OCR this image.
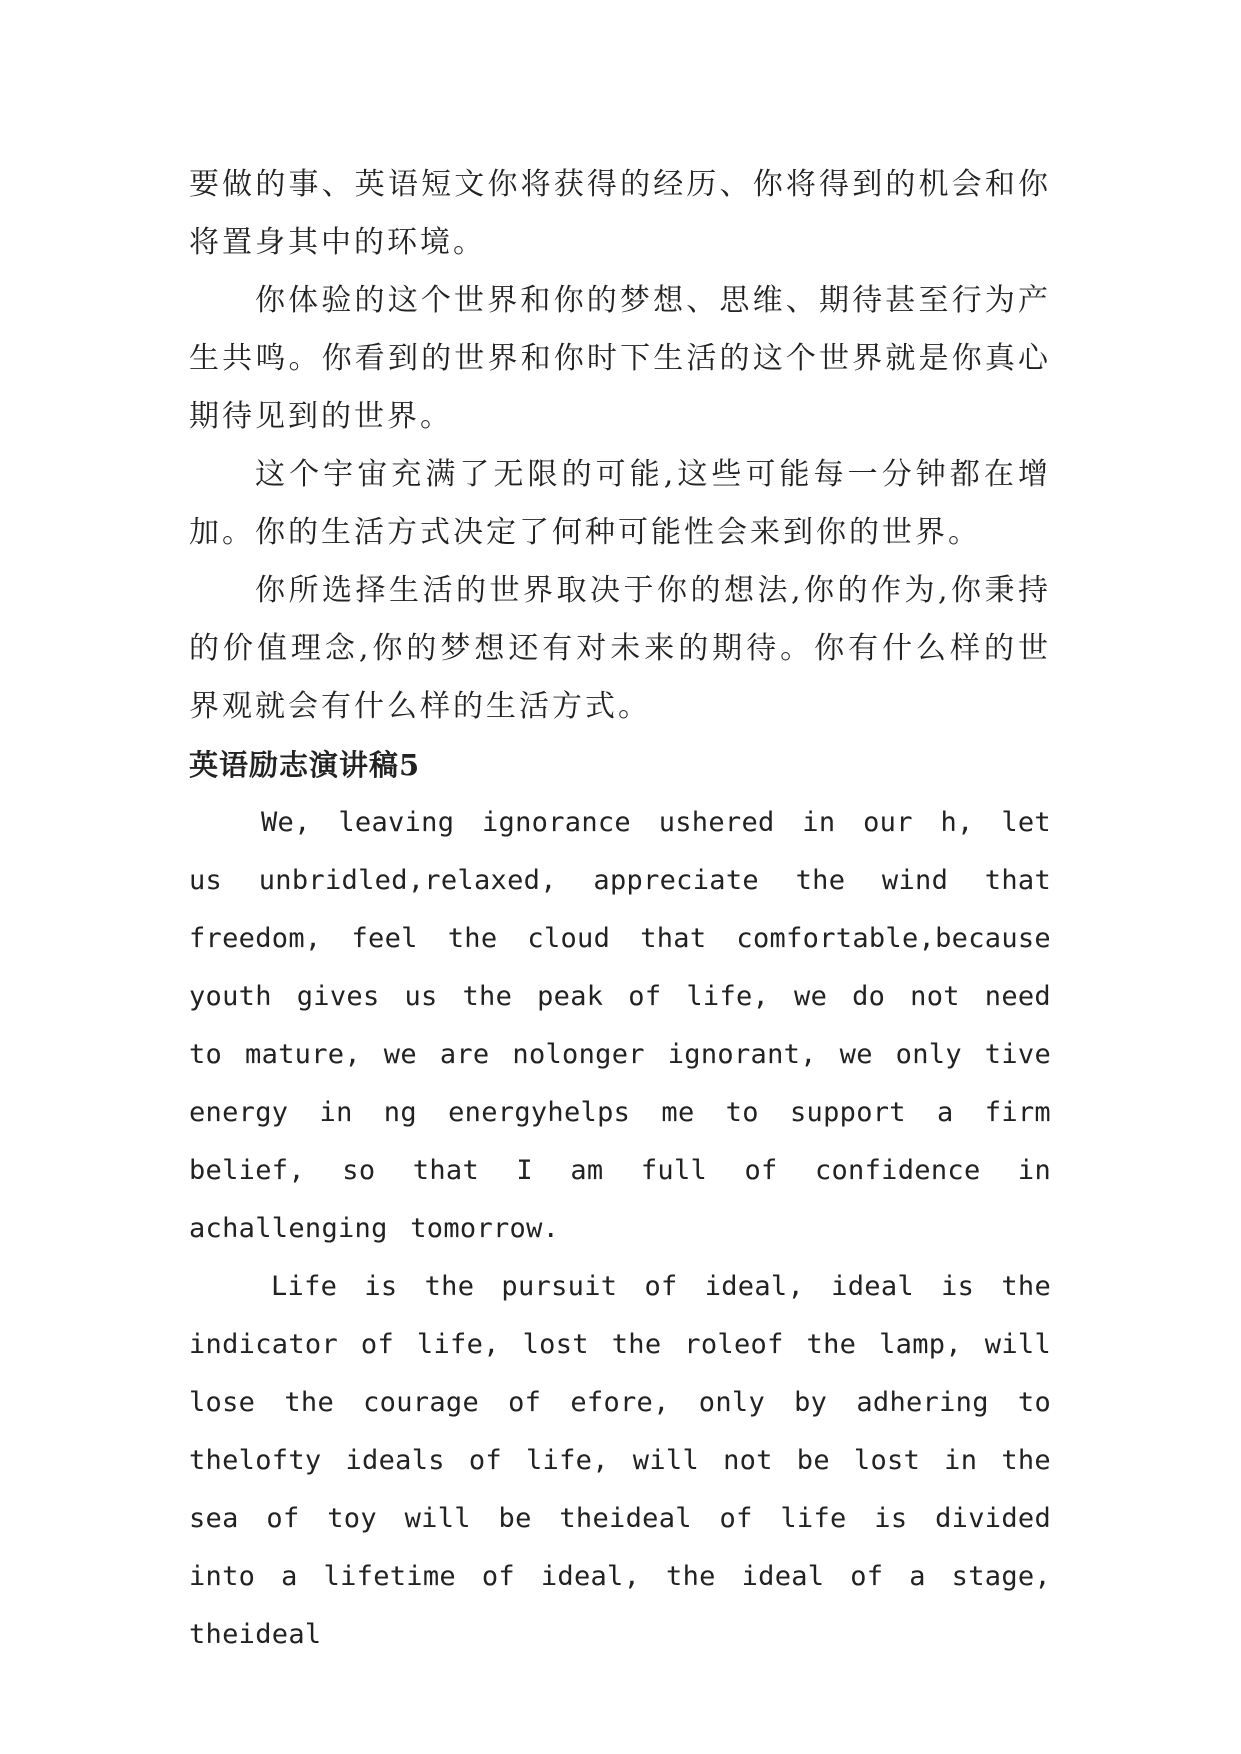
要做的事、英语短文你将获得的经历、你将得到的机会和你将置身其中的环境。

你体验的这个世界和你的梦想、思维、期待甚至行为产生共鸣。你看到的世界和你时下生活的这个世界就是你真心期待见到的世界。

这个宇宙充满了无限的可能,这些可能每一分钟都在增加。你的生活方式决定了何种可能性会来到你的世界。

你所选择生活的世界取决于你的想法,你的作为,你秉持的价值理念,你的梦想还有对未来的期待。你有什么样的世界观就会有什么样的生活方式。

英语励志演讲稿5

We, leaving ignorance ushered in our h, let us unbridled,relaxed, appreciate the wind that freedom, feel the cloud that comfortable,because youth gives us the peak of life, we do not need to mature, we are nolonger ignorant, we only tive energy in ng energyhelps me to support a firm belief, so that I am full of confidence in achallenging tomorrow.

Life is the pursuit of ideal, ideal is the indicator of life, lost the roleof the lamp, will lose the courage of efore, only by adhering to thelofty ideals of life, will not be lost in the sea of toy will be theideal of life is divided into a lifetime of ideal, the ideal of a stage, theideal
